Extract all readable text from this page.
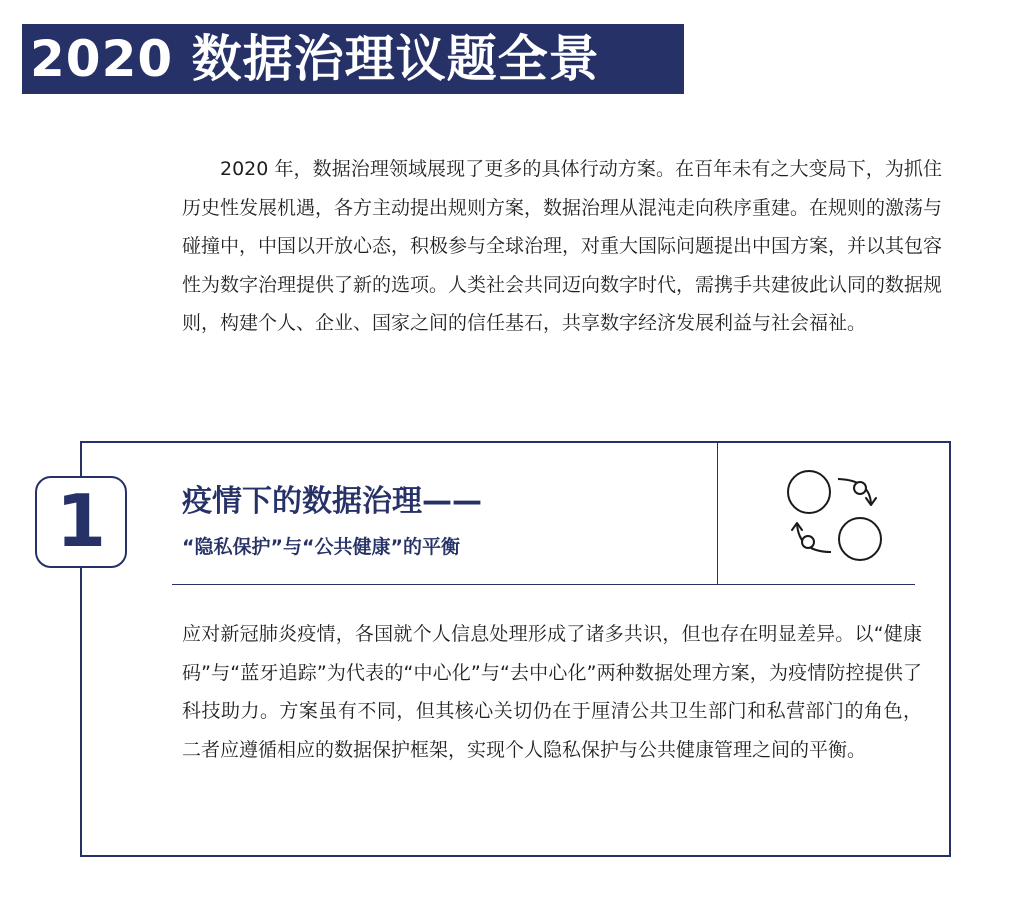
2020 数据治理议题全景

2020 年，数据治理领域展现了更多的具体行动方案。在百年未有之大变局下，为抓住历史性发展机遇，各方主动提出规则方案，数据治理从混沌走向秩序重建。在规则的激荡与碰撞中，中国以开放心态，积极参与全球治理，对重大国际问题提出中国方案，并以其包容性为数字治理提供了新的选项。人类社会共同迈向数字时代，需携手共建彼此认同的数据规则，构建个人、企业、国家之间的信任基石，共享数字经济发展利益与社会福祉。

1	疫情下的数据治理——
“隐私保护”与“公共健康”的平衡

应对新冠肺炎疫情，各国就个人信息处理形成了诸多共识，但也存在明显差异。以“健康码”与“蓝牙追踪”为代表的“中心化”与“去中心化”两种数据处理方案，为疫情防控提供了科技助力。方案虽有不同，但其核心关切仍在于厘清公共卫生部门和私营部门的角色，二者应遵循相应的数据保护框架，实现个人隐私保护与公共健康管理之间的平衡。
